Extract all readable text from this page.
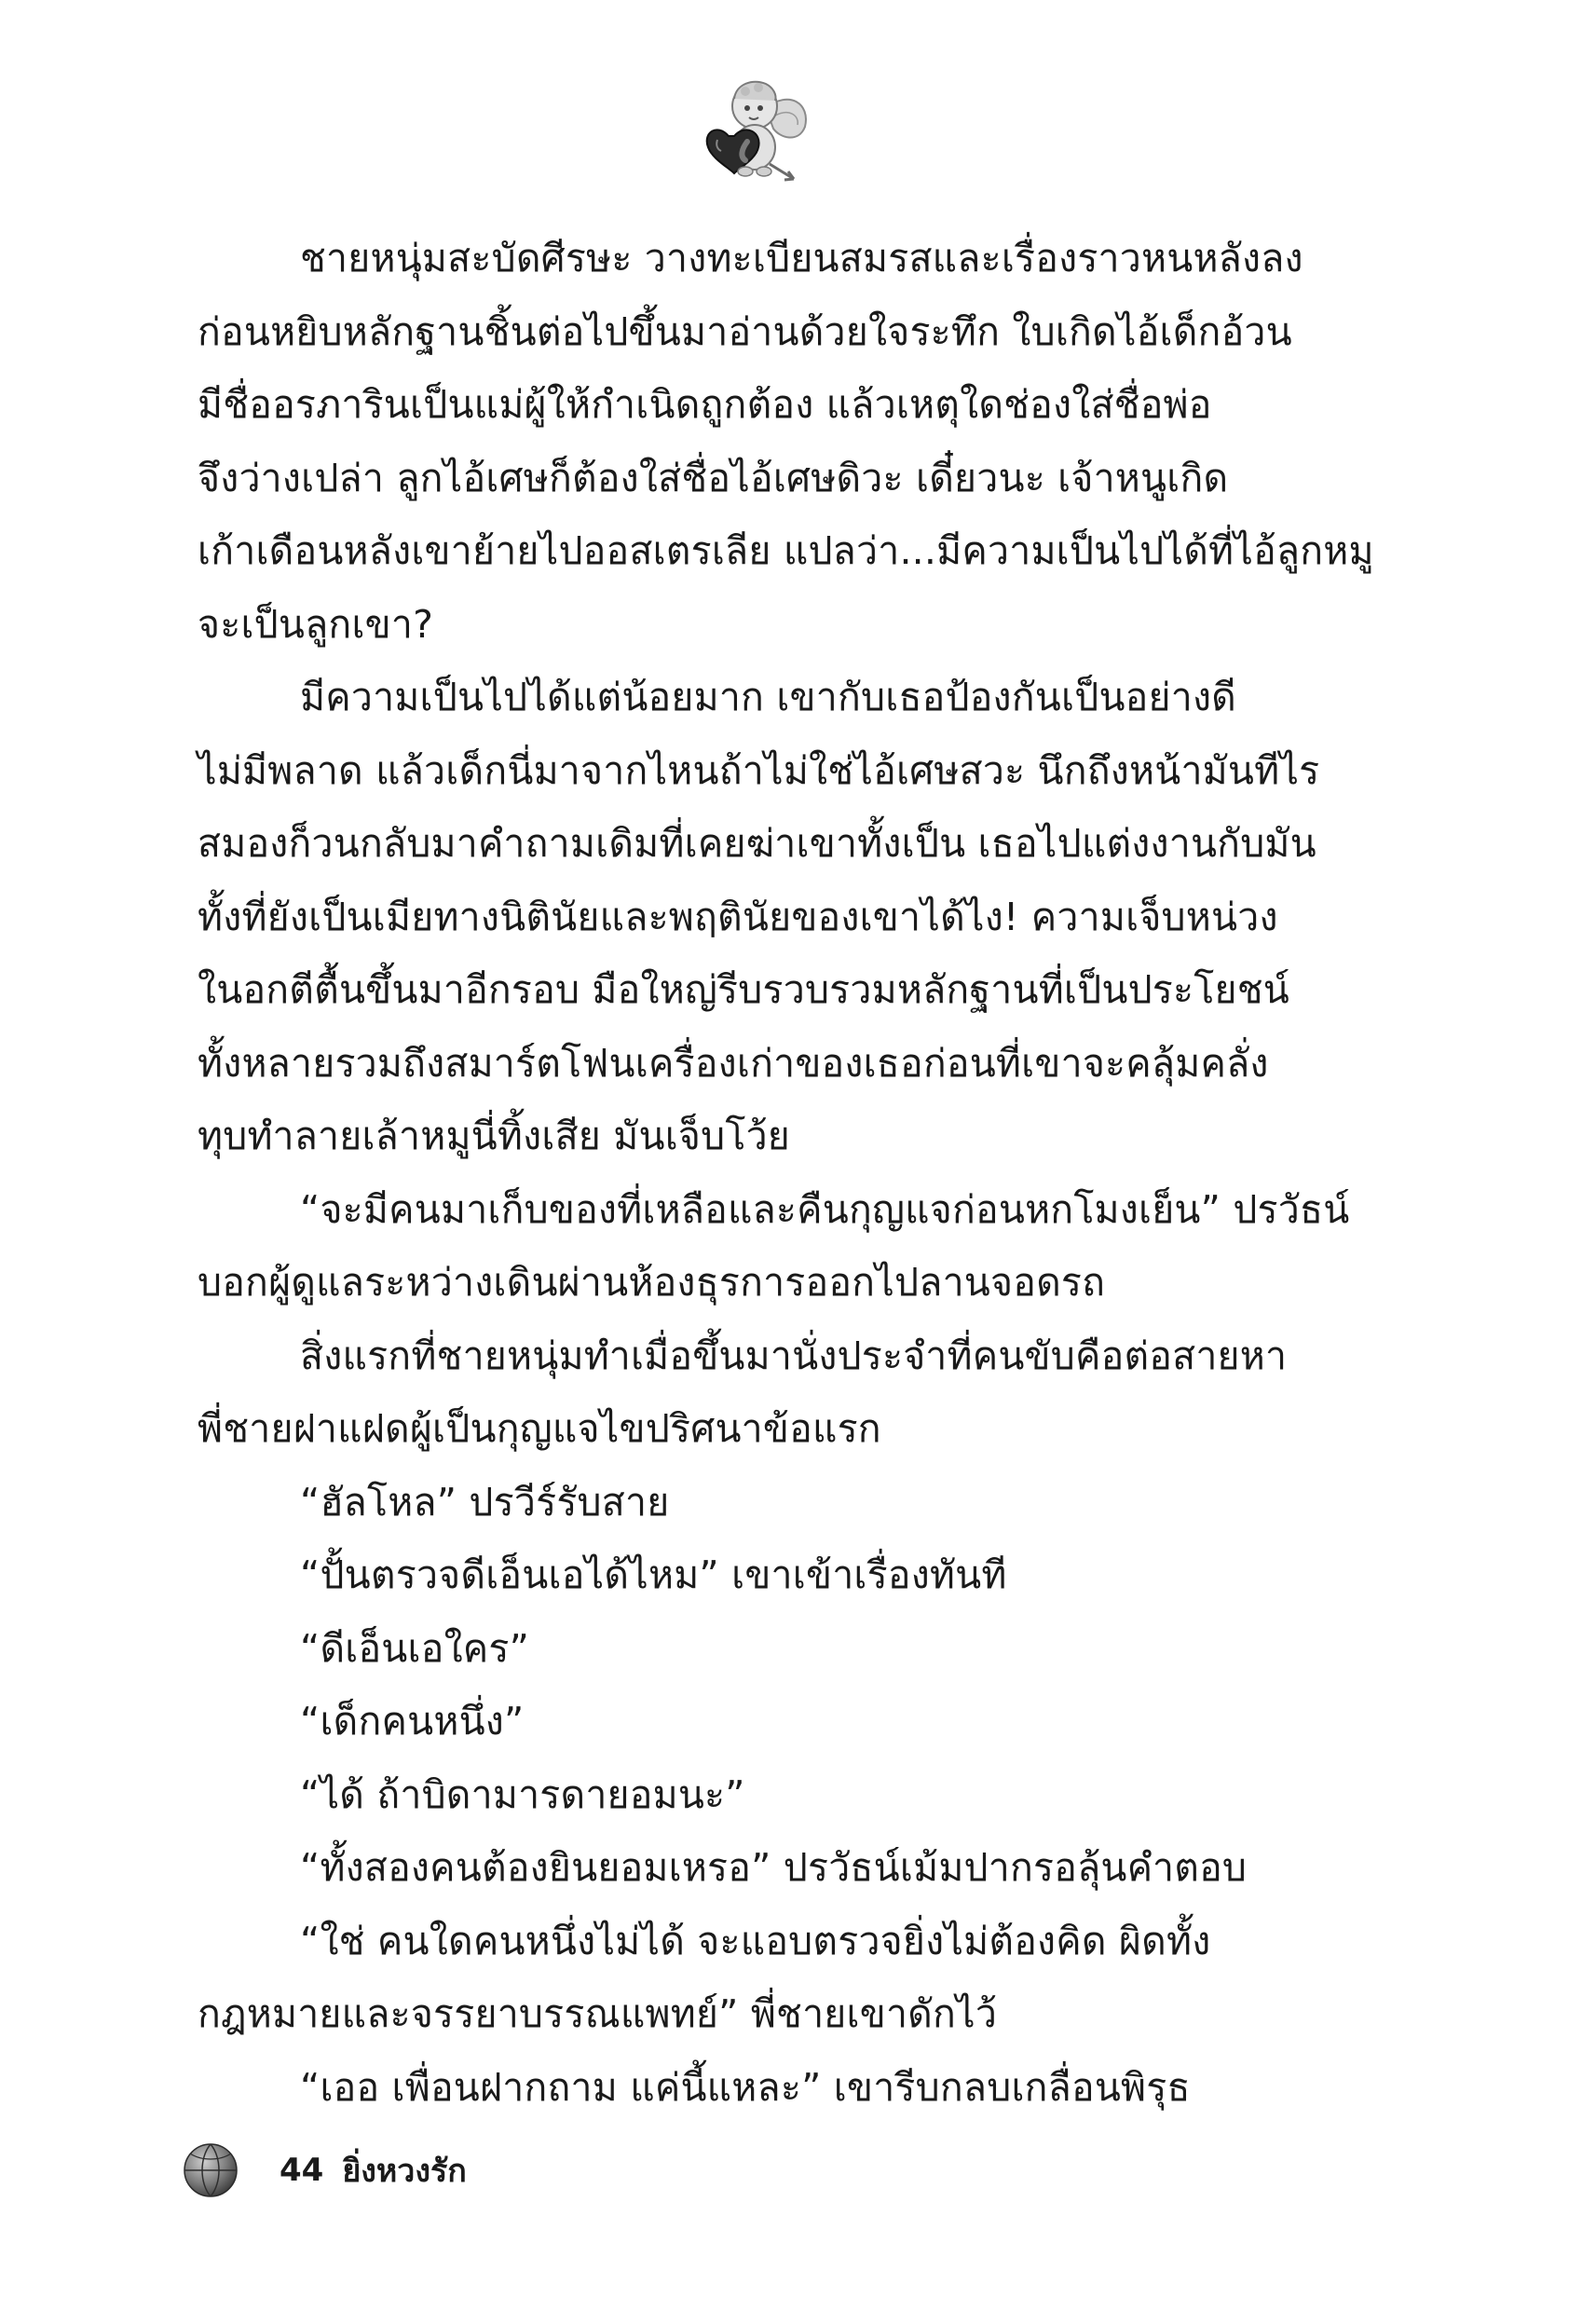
ชายหนุ่มสะบัดศีรษะ วางทะเบียนสมรสและเรื่องราวหนหลังลง
ก่อนหยิบหลักฐานชิ้นต่อไปขึ้นมาอ่านด้วยใจระทึก ใบเกิดไอ้เด็กอ้วน
มีชื่ออรภารินเป็นแม่ผู้ให้กำเนิดถูกต้อง แล้วเหตุใดช่องใส่ชื่อพ่อ
จึงว่างเปล่า ลูกไอ้เศษก็ต้องใส่ชื่อไอ้เศษดิวะ เดี๋ยวนะ เจ้าหนูเกิด
เก้าเดือนหลังเขาย้ายไปออสเตรเลีย แปลว่า...มีความเป็นไปได้ที่ไอ้ลูกหมู
จะเป็นลูกเขา?

มีความเป็นไปได้แต่น้อยมาก เขากับเธอป้องกันเป็นอย่างดี
ไม่มีพลาด แล้วเด็กนี่มาจากไหนถ้าไม่ใช่ไอ้เศษสวะ นึกถึงหน้ามันทีไร
สมองก็วนกลับมาคำถามเดิมที่เคยฆ่าเขาทั้งเป็น เธอไปแต่งงานกับมัน
ทั้งที่ยังเป็นเมียทางนิตินัยและพฤตินัยของเขาได้ไง! ความเจ็บหน่วง
ในอกตีตื้นขึ้นมาอีกรอบ มือใหญ่รีบรวบรวมหลักฐานที่เป็นประโยชน์
ทั้งหลายรวมถึงสมาร์ตโฟนเครื่องเก่าของเธอก่อนที่เขาจะคลุ้มคลั่ง
ทุบทำลายเล้าหมูนี่ทิ้งเสีย มันเจ็บโว้ย

“จะมีคนมาเก็บของที่เหลือและคืนกุญแจก่อนหกโมงเย็น” ปรวัธน์
บอกผู้ดูแลระหว่างเดินผ่านห้องธุรการออกไปลานจอดรถ

สิ่งแรกที่ชายหนุ่มทำเมื่อขึ้นมานั่งประจำที่คนขับคือต่อสายหา
พี่ชายฝาแฝดผู้เป็นกุญแจไขปริศนาข้อแรก

“ฮัลโหล” ปรวีร์รับสาย

“ปั้นตรวจดีเอ็นเอได้ไหม” เขาเข้าเรื่องทันที

“ดีเอ็นเอใคร”

“เด็กคนหนึ่ง”

“ได้ ถ้าบิดามารดายอมนะ”

“ทั้งสองคนต้องยินยอมเหรอ” ปรวัธน์เม้มปากรอลุ้นคำตอบ

“ใช่ คนใดคนหนึ่งไม่ได้ จะแอบตรวจยิ่งไม่ต้องคิด ผิดทั้ง
กฎหมายและจรรยาบรรณแพทย์” พี่ชายเขาดักไว้

“เออ เพื่อนฝากถาม แค่นี้แหละ” เขารีบกลบเกลื่อนพิรุธ

44 ยิ่งหวงรัก
